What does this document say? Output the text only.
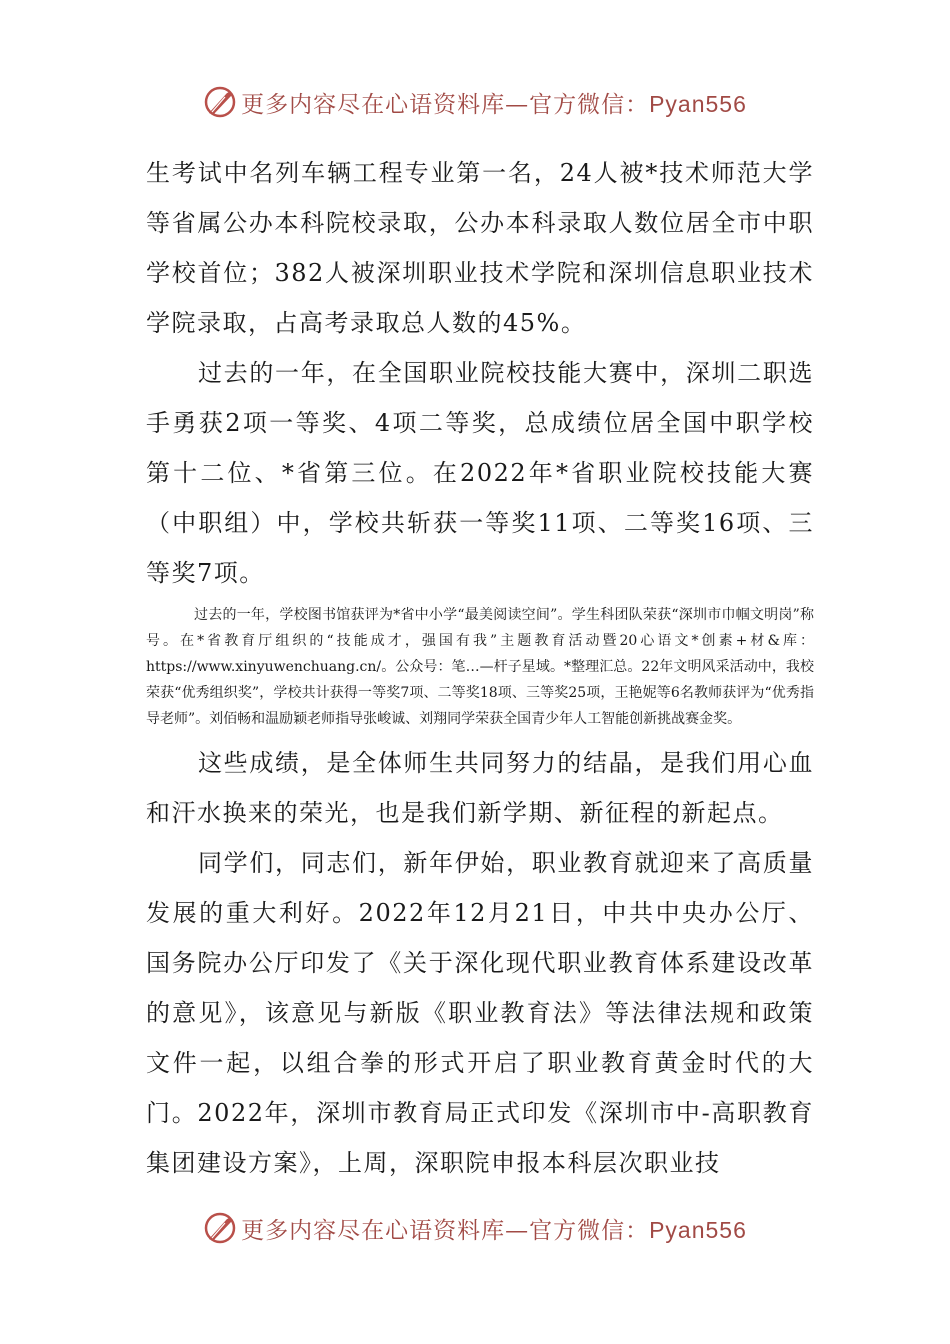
更多内容尽在心语资料库—官方微信：Pyan556

生考试中名列车辆工程专业第一名，24人被*技术师范大学等省属公办本科院校录取，公办本科录取人数位居全市中职学校首位；382人被深圳职业技术学院和深圳信息职业技术学院录取，占高考录取总人数的45%。

过去的一年，在全国职业院校技能大赛中，深圳二职选手勇获2项一等奖、4项二等奖，总成绩位居全国中职学校第十二位、*省第三位。在2022年*省职业院校技能大赛（中职组）中，学校共斩获一等奖11项、二等奖16项、三等奖7项。

过去的一年，学校图书馆获评为*省中小学“最美阅读空间”。学生科团队荣获“深圳市巾帼文明岗”称号。在*省教育厅组织的“技能成才，强国有我”主题教育活动暨20心语文*创素+材&库：https://www.xinyuwenchuang.cn/。公众号：笔…—杆子星域。*整理汇总。22年文明风采活动中，我校荣获“优秀组织奖”，学校共计获得一等奖7项、二等奖18项、三等奖25项，王艳妮等6名教师获评为“优秀指导老师”。刘佰畅和温励颖老师指导张峻诚、刘翔同学荣获全国青少年人工智能创新挑战赛金奖。

这些成绩，是全体师生共同努力的结晶，是我们用心血和汗水换来的荣光，也是我们新学期、新征程的新起点。

同学们，同志们，新年伊始，职业教育就迎来了高质量发展的重大利好。2022年12月21日，中共中央办公厅、国务院办公厅印发了《关于深化现代职业教育体系建设改革的意见》，该意见与新版《职业教育法》等法律法规和政策文件一起，以组合拳的形式开启了职业教育黄金时代的大门。2022年，深圳市教育局正式印发《深圳市中-高职教育集团建设方案》，上周，深职院申报本科层次职业技

更多内容尽在心语资料库—官方微信：Pyan556
